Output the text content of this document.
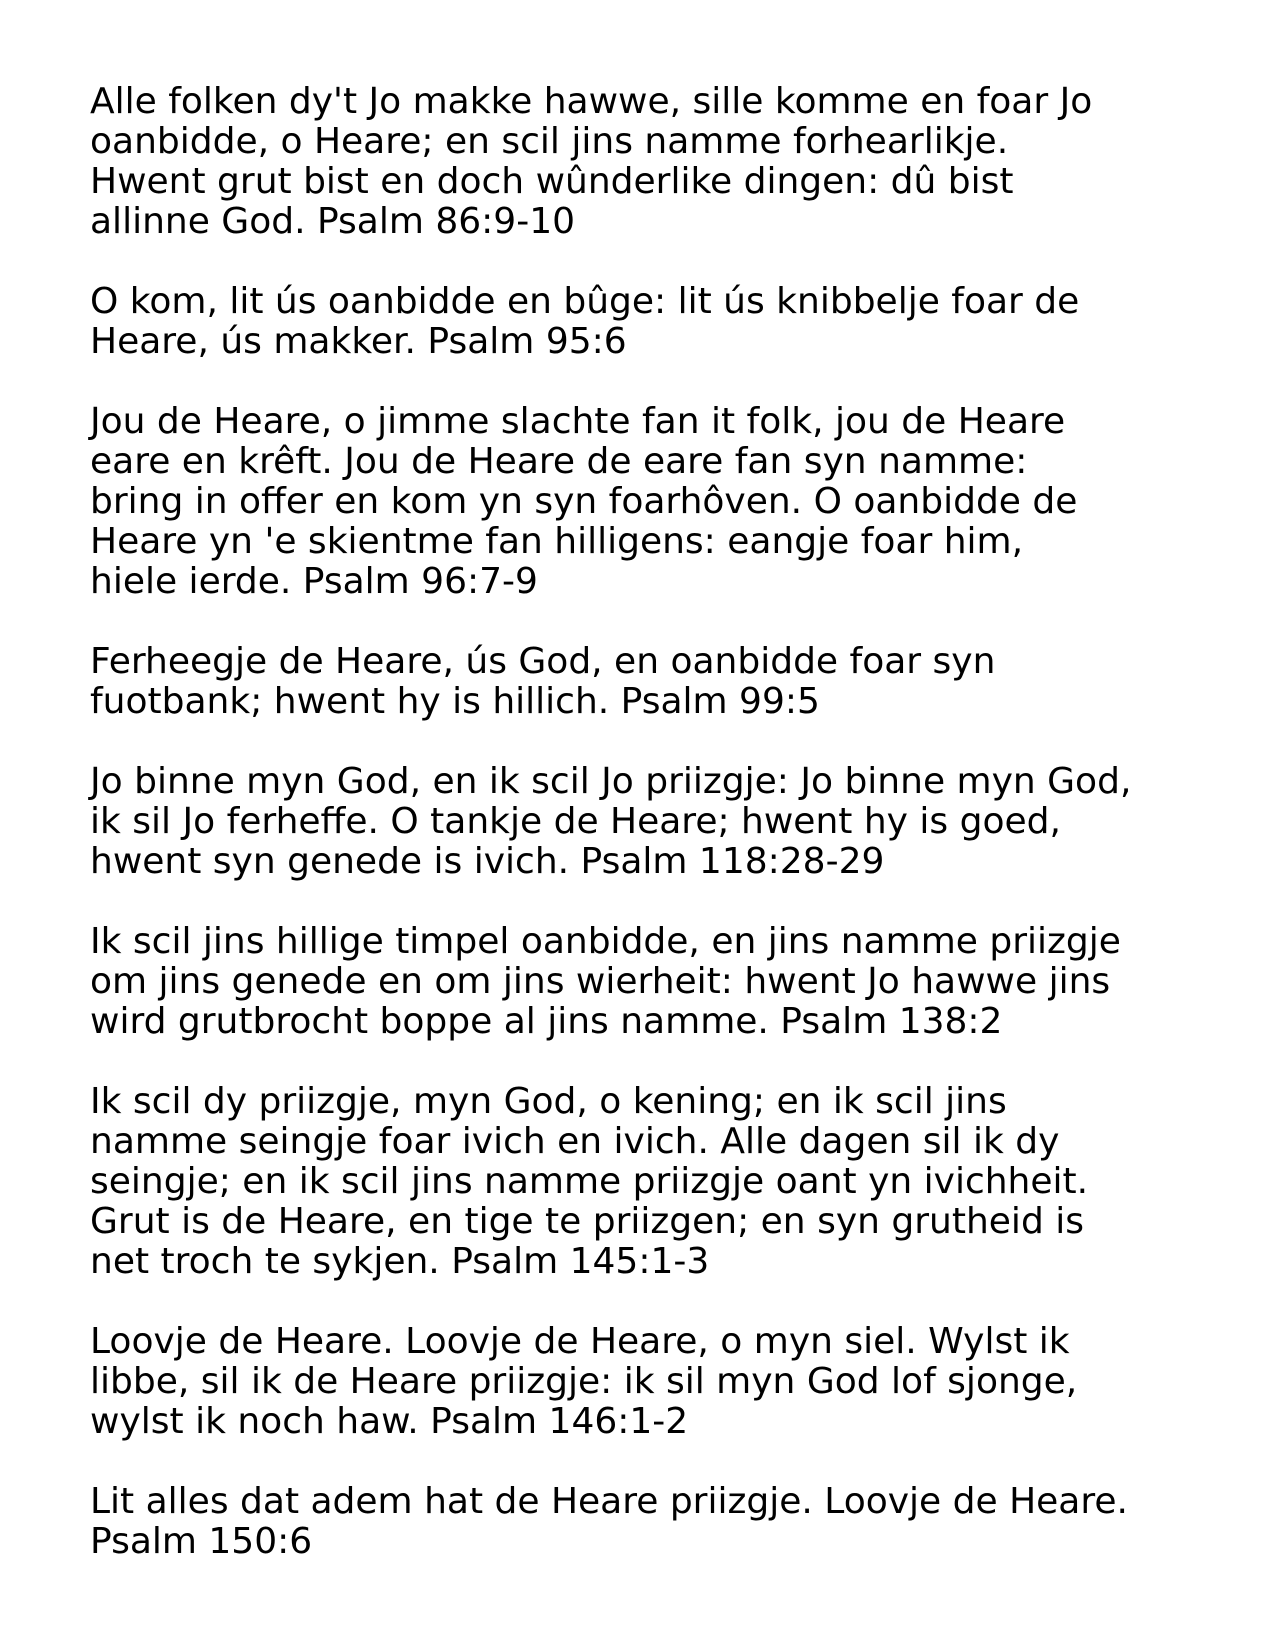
Alle folken dy't Jo makke hawwe, sille komme en foar Jo
oanbidde, o Heare; en scil jins namme forhearlikje.
Hwent grut bist en doch wûnderlike dingen: dû bist
allinne God. Psalm 86:9-10

O kom, lit ús oanbidde en bûge: lit ús knibbelje foar de
Heare, ús makker. Psalm 95:6

Jou de Heare, o jimme slachte fan it folk, jou de Heare
eare en krêft. Jou de Heare de eare fan syn namme:
bring in offer en kom yn syn foarhôven. O oanbidde de
Heare yn 'e skientme fan hilligens: eangje foar him,
hiele ierde. Psalm 96:7-9

Ferheegje de Heare, ús God, en oanbidde foar syn
fuotbank; hwent hy is hillich. Psalm 99:5

Jo binne myn God, en ik scil Jo priizgje: Jo binne myn God,
ik sil Jo ferheffe. O tankje de Heare; hwent hy is goed,
hwent syn genede is ivich. Psalm 118:28-29

Ik scil jins hillige timpel oanbidde, en jins namme priizgje
om jins genede en om jins wierheit: hwent Jo hawwe jins
wird grutbrocht boppe al jins namme. Psalm 138:2

Ik scil dy priizgje, myn God, o kening; en ik scil jins
namme seingje foar ivich en ivich. Alle dagen sil ik dy
seingje; en ik scil jins namme priizgje oant yn ivichheit.
Grut is de Heare, en tige te priizgen; en syn grutheid is
net troch te sykjen. Psalm 145:1-3

Loovje de Heare. Loovje de Heare, o myn siel. Wylst ik
libbe, sil ik de Heare priizgje: ik sil myn God lof sjonge,
wylst ik noch haw. Psalm 146:1-2

Lit alles dat adem hat de Heare priizgje. Loovje de Heare.
Psalm 150:6
